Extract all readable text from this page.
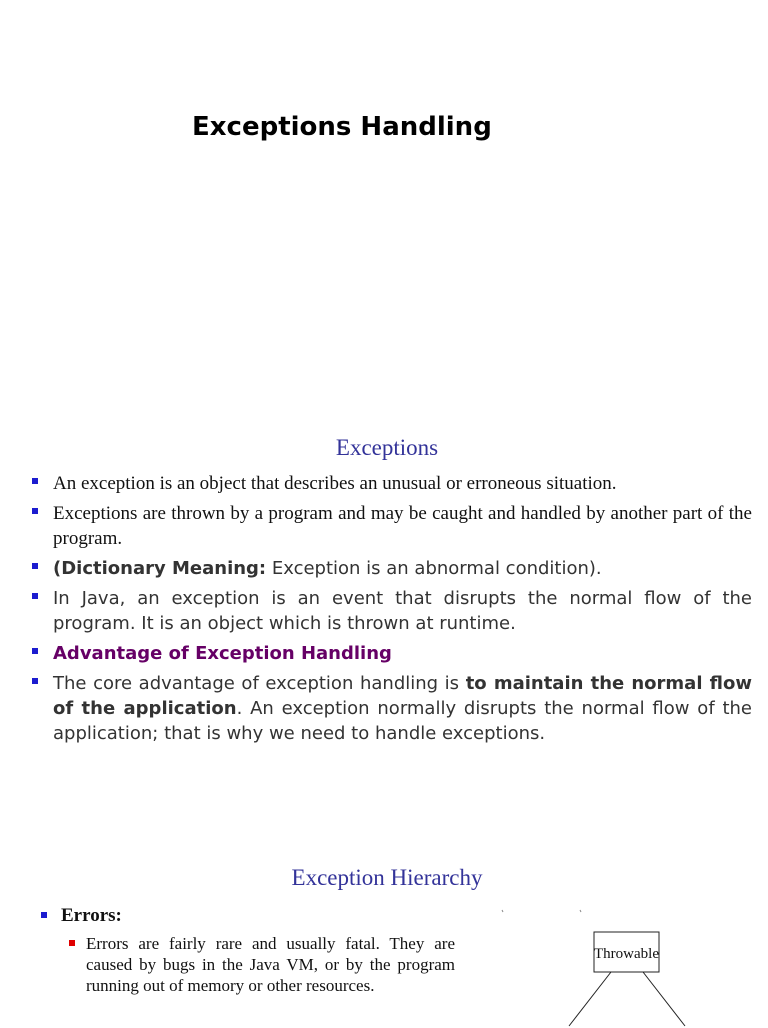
Exceptions Handling
Exceptions
An exception is an object that describes an unusual or erroneous situation.
Exceptions are thrown by a program and may be caught and handled by another part of the program.
(Dictionary Meaning: Exception is an abnormal condition).
In Java, an exception is an event that disrupts the normal flow of the program. It is an object which is thrown at runtime.
Advantage of Exception Handling
The core advantage of exception handling is to maintain the normal flow of the application. An exception normally disrupts the normal flow of the application; that is why we need to handle exceptions.
Exception Hierarchy
Errors:
Errors are fairly rare and usually fatal. They are caused by bugs in the Java VM, or by the program running out of memory or other resources.
Throwable
